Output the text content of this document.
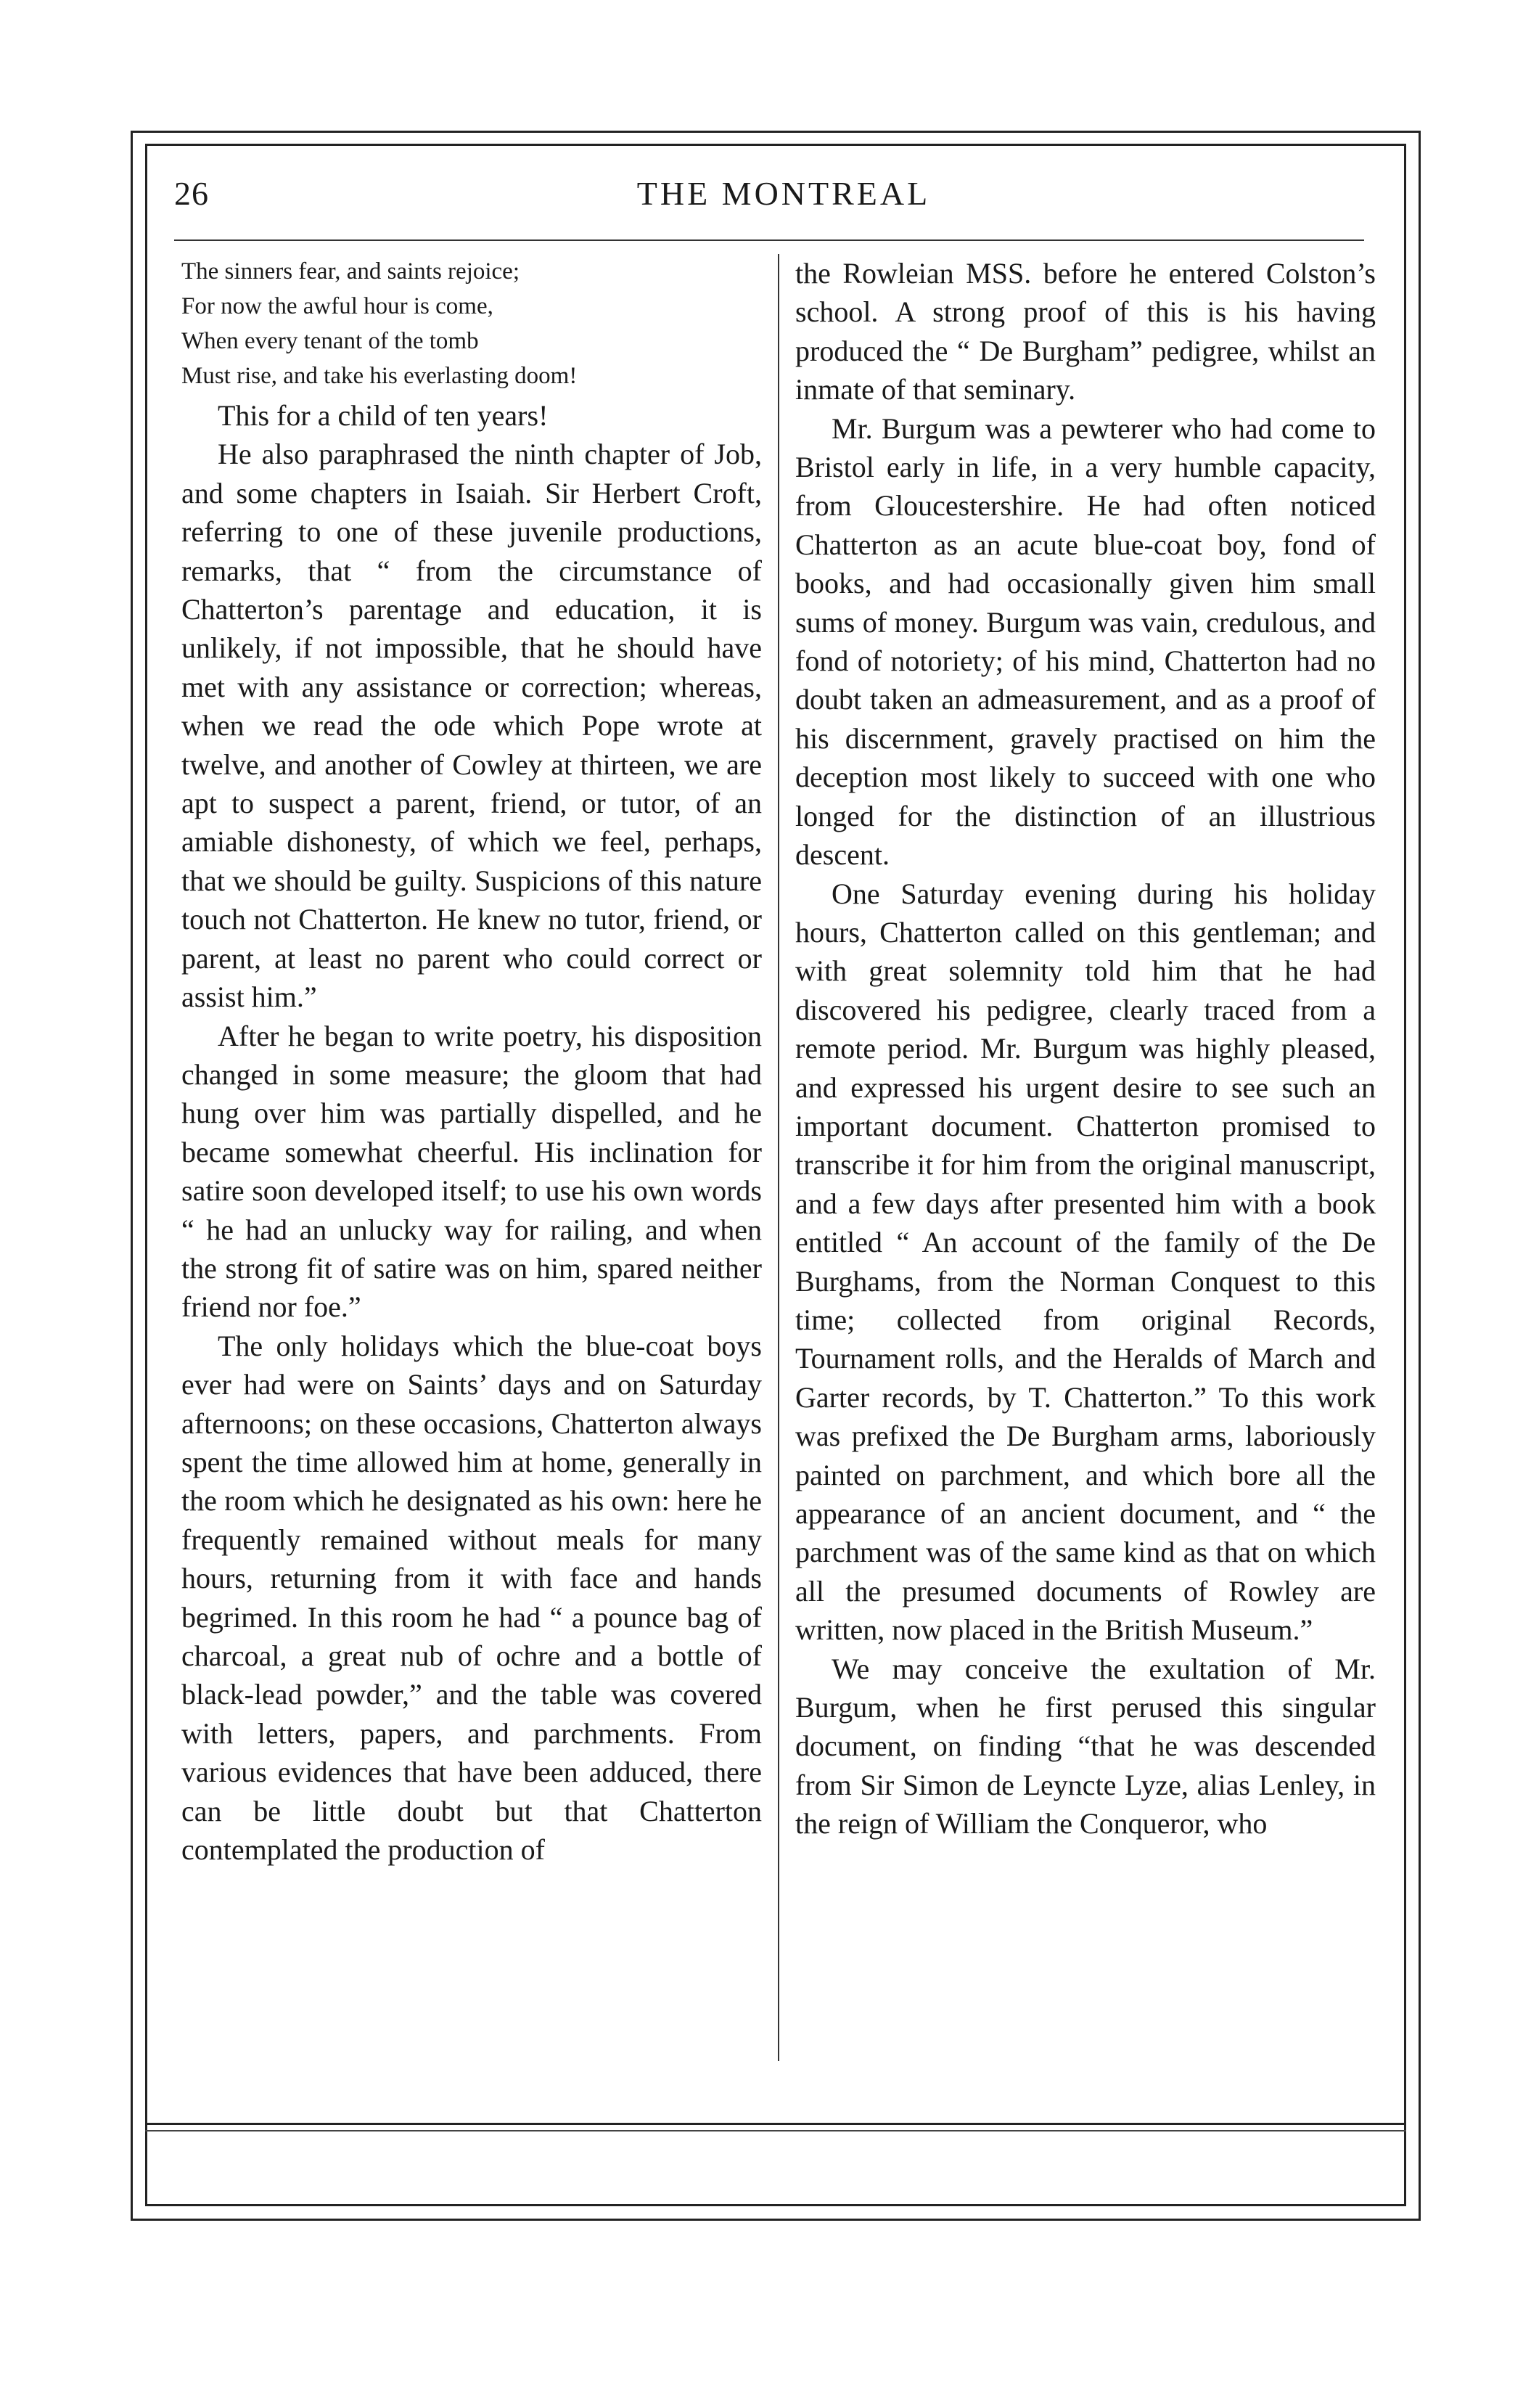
26	THE MONTREAL
The sinners fear, and saints rejoice;
For now the awful hour is come,
When every tenant of the tomb
Must rise, and take his everlasting doom!

This for a child of ten years!

He also paraphrased the ninth chapter of Job, and some chapters in Isaiah. Sir Herbert Croft, referring to one of these juvenile productions, remarks, that “ from the circumstance of Chatterton’s parentage and education, it is unlikely, if not impossible, that he should have met with any assistance or correction; whereas, when we read the ode which Pope wrote at twelve, and another of Cowley at thirteen, we are apt to suspect a parent, friend, or tutor, of an amiable dishonesty, of which we feel, perhaps, that we should be guilty. Suspicions of this nature touch not Chatterton. He knew no tutor, friend, or parent, at least no parent who could correct or assist him.”

After he began to write poetry, his disposition changed in some measure; the gloom that had hung over him was partially dispelled, and he became somewhat cheerful. His inclination for satire soon developed itself; to use his own words “ he had an unlucky way for railing, and when the strong fit of satire was on him, spared neither friend nor foe.”

The only holidays which the blue-coat boys ever had were on Saints’ days and on Saturday afternoons; on these occasions, Chatterton always spent the time allowed him at home, generally in the room which he designated as his own: here he frequently remained without meals for many hours, returning from it with face and hands begrimed. In this room he had “ a pounce bag of charcoal, a great nub of ochre and a bottle of black-lead powder,” and the table was covered with letters, papers, and parchments. From various evidences that have been adduced, there can be little doubt but that Chatterton contemplated the production of

the Rowleian MSS. before he entered Colston’s school. A strong proof of this is his having produced the “ De Burgham” pedigree, whilst an inmate of that seminary.

Mr. Burgum was a pewterer who had come to Bristol early in life, in a very humble capacity, from Gloucestershire. He had often noticed Chatterton as an acute blue-coat boy, fond of books, and had occasionally given him small sums of money. Burgum was vain, credulous, and fond of notoriety; of his mind, Chatterton had no doubt taken an admeasurement, and as a proof of his discernment, gravely practised on him the deception most likely to succeed with one who longed for the distinction of an illustrious descent.

One Saturday evening during his holiday hours, Chatterton called on this gentleman; and with great solemnity told him that he had discovered his pedigree, clearly traced from a remote period. Mr. Burgum was highly pleased, and expressed his urgent desire to see such an important document. Chatterton promised to transcribe it for him from the original manuscript, and a few days after presented him with a book entitled “ An account of the family of the De Burghams, from the Norman Conquest to this time; collected from original Records, Tournament rolls, and the Heralds of March and Garter records, by T. Chatterton.” To this work was prefixed the De Burgham arms, laboriously painted on parchment, and which bore all the appearance of an ancient document, and “ the parchment was of the same kind as that on which all the presumed documents of Rowley are written, now placed in the British Museum.”

We may conceive the exultation of Mr. Burgum, when he first perused this singular document, on finding “that he was descended from Sir Simon de Leyncte Lyze, alias Lenley, in the reign of William the Conqueror, who
